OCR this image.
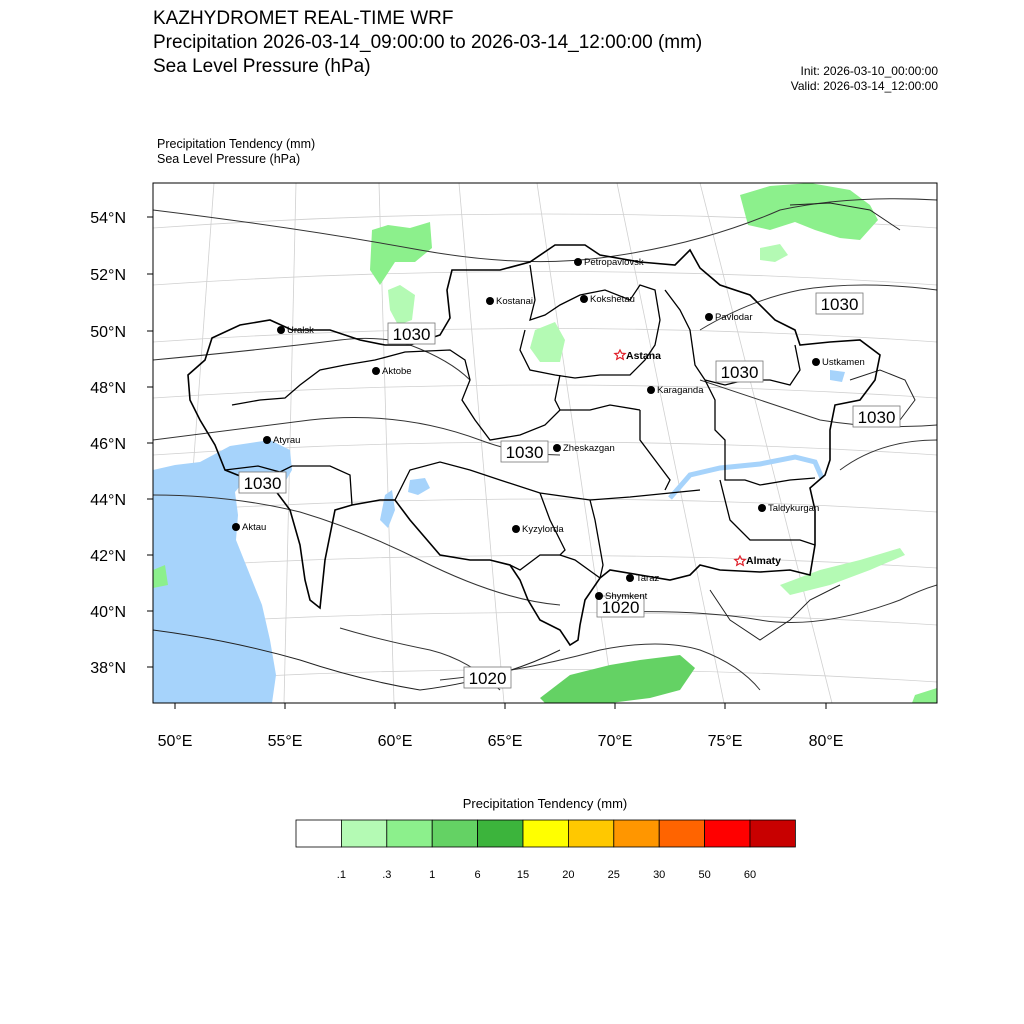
KAZHYDROMET REAL-TIME WRF
Precipitation 2026-03-14_09:00:00 to 2026-03-14_12:00:00 (mm)
Sea Level Pressure (hPa)	Init: 2026-03-10_00:00:00
Valid: 2026-03-14_12:00:00
Precipitation Tendency (mm)
Sea Level Pressure (hPa)
1030
1030
1030
1030
1030
1030
1020
1020
Petropavlovsk
Kostanai	Kokshetau
Uralsk
Pavlodar
Astana
Aktobe
Ustkamen
Karaganda
Atyrau
Zheskazgan
Taldykurgan
Aktau	Kyzylorda
Almaty
Taraz
Shymkent
54°N
52°N
50°N
48°N
46°N
44°N
42°N
40°N
38°N
50°E	55°E	60°E	65°E	70°E	75°E	80°E
.1	.3	1	6	15	20	25	30	50	60
Precipitation Tendency (mm)
